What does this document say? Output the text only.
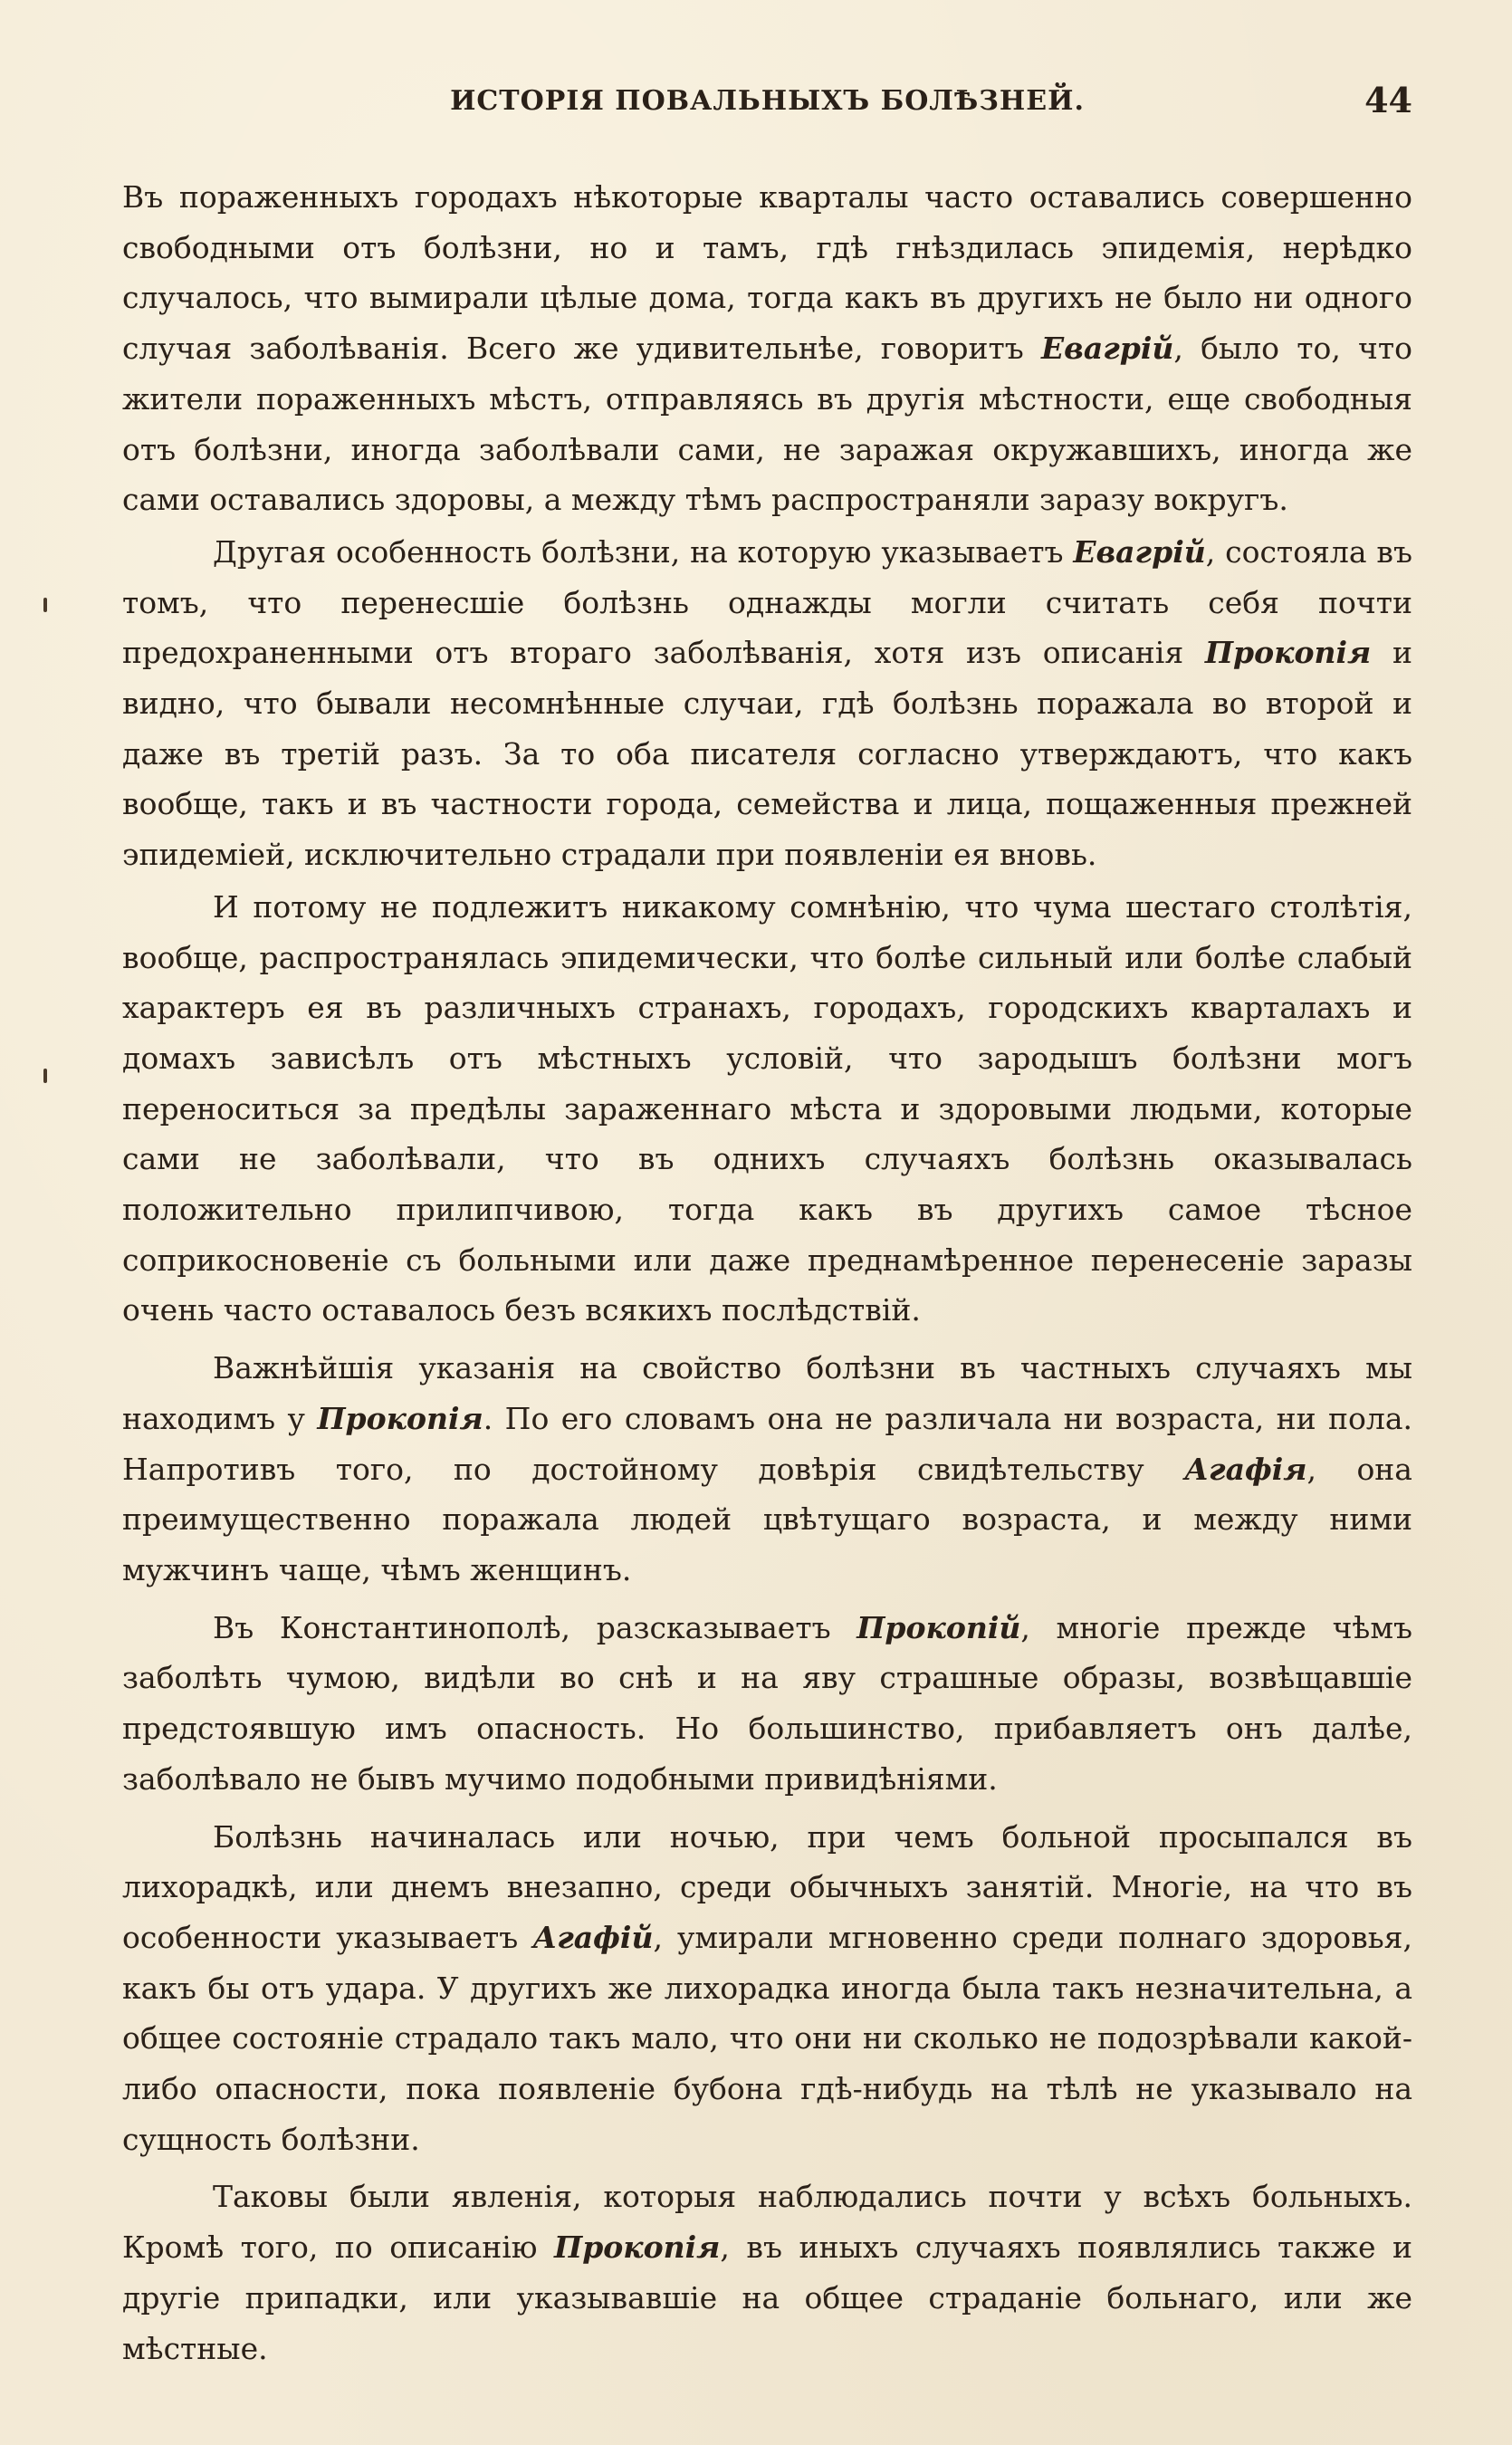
ИСТОРІЯ ПОВАЛЬНЫХЪ БОЛѢЗНЕЙ.	44

Въ пораженныхъ городахъ нѣкоторые кварталы часто оставались совершенно свободными отъ болѣзни, но и тамъ, гдѣ гнѣздилась эпидемія, нерѣдко случалось, что вымирали цѣлые дома, тогда какъ въ другихъ не было ни одного случая заболѣванія. Всего же удивительнѣе, говоритъ Евагрій, было то, что жители пораженныхъ мѣстъ, отправляясь въ другія мѣстности, еще свободныя отъ болѣзни, иногда заболѣвали сами, не заражая окружавшихъ, иногда же сами оставались здоровы, а между тѣмъ распространяли заразу вокругъ.

Другая особенность болѣзни, на которую указываетъ Евагрій, состояла въ томъ, что перенесшіе болѣзнь однажды могли считать себя почти предохраненными отъ вторaго заболѣванія, хотя изъ описанія Прокопія и видно, что бывали несомнѣнные случаи, гдѣ болѣзнь поражала во второй и даже въ третій разъ. За то оба писателя согласно утверждаютъ, что какъ вообще, такъ и въ частности города, семейства и лица, пощаженныя прежней эпидеміей, исключительно страдали при появленіи ея вновь.

И потому не подлежитъ никакому сомнѣнію, что чума шестаго столѣтія, вообще, распространялась эпидемически, что болѣе сильный или болѣе слабый характеръ ея въ различныхъ странахъ, городахъ, городскихъ кварталахъ и домахъ зависѣлъ отъ мѣстныхъ условій, что зародышъ болѣзни могъ переноситься за предѣлы зараженнаго мѣста и здоровыми людьми, которые сами не заболѣвали, что въ однихъ случаяхъ болѣзнь оказывалась положительно прилипчивою, тогда какъ въ другихъ самое тѣсное соприкосновеніе съ больными или даже преднамѣренное перенесеніе заразы очень часто оставалось безъ всякихъ послѣдствій.

Важнѣйшія указанія на свойство болѣзни въ частныхъ случаяхъ мы находимъ у Прокопія. По его словамъ она не различала ни возраста, ни пола. Напротивъ того, по достойному довѣрія свидѣтельству Агафія, она преимущественно поражала людей цвѣтущаго возраста, и между ними мужчинъ чаще, чѣмъ женщинъ.

Въ Константинополѣ, разсказываетъ Прокопій, многіе прежде чѣмъ заболѣть чумою, видѣли во снѣ и на яву страшные образы, возвѣщавшіе предстоявшую имъ опасность. Но большинство, прибавляетъ онъ далѣе, заболѣвало не бывъ мучимо подобными привидѣніями.

Болѣзнь начиналась или ночью, при чемъ больной просыпался въ лихорадкѣ, или днемъ внезапно, среди обычныхъ занятій. Многіе, на что въ особенности указываетъ Агафій, умирали мгновенно среди полнаго здоровья, какъ бы отъ удара. У другихъ же лихорадка иногда была такъ незначительна, а общее состояніе страдало такъ мало, что они ни сколько не подозрѣвали какой-либо опасности, пока появленіе бубона гдѣ-нибудь на тѣлѣ не указывало на сущность болѣзни.

Таковы были явленія, которыя наблюдались почти у всѣхъ больныхъ. Кромѣ того, по описанію Прокопія, въ иныхъ случаяхъ появлялись также и другіе припадки, или указывавшіе на общее страданіе больнаго, или же мѣстные.
